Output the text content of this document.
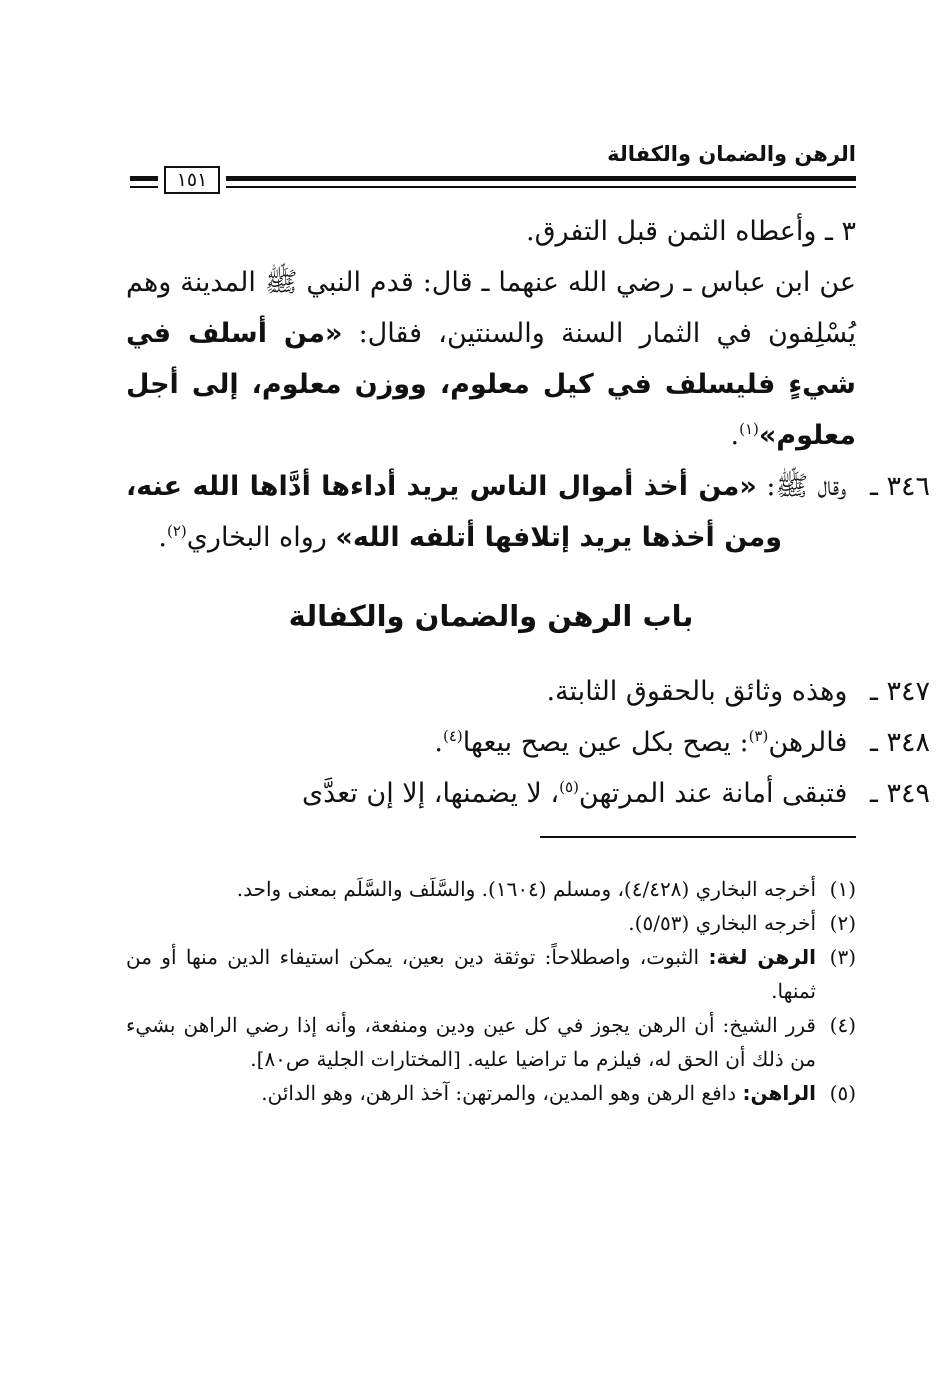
الرهن والضمان والكفالة
١٥١

٣ ـ وأعطاه الثمن قبل التفرق.

عن ابن عباس ـ رضي الله عنهما ـ قال: قدم النبي ﷺ المدينة وهم يُسْلِفون في الثمار السنة والسنتين، فقال: «من أسلف في شيءٍ فليسلف في كيل معلوم، ووزن معلوم، إلى أجل معلوم»$^{(١)}$.

٣٤٦ ـ وقال ﷺ: «من أخذ أموال الناس يريد أداءها أدَّاها الله عنه، ومن أخذها يريد إتلافها أتلفه الله» رواه البخاري$^{(٢)}$.

باب الرهن والضمان والكفالة

٣٤٧ ـ وهذه وثائق بالحقوق الثابتة.

٣٤٨ ـ فالرهن$^{(٣)}$: يصح بكل عين يصح بيعها$^{(٤)}$.

٣٤٩ ـ فتبقى أمانة عند المرتهن$^{(٥)}$، لا يضمنها، إلا إن تعدَّى

(١)
أخرجه البخاري (٤/٤٢٨)، ومسلم (١٦٠٤). والسَّلَف والسَّلَم بمعنى واحد.
(٢)
أخرجه البخاري (٥/٥٣).
(٣)
الرهن لغة: الثبوت، واصطلاحاً: توثقة دين بعين، يمكن استيفاء الدين منها أو من ثمنها.
(٤)
قرر الشيخ: أن الرهن يجوز في كل عين ودين ومنفعة، وأنه إذا رضي الراهن بشيء من ذلك أن الحق له، فيلزم ما تراضيا عليه. [المختارات الجلية ص٨٠].
(٥)
الراهن: دافع الرهن وهو المدين، والمرتهن: آخذ الرهن، وهو الدائن.
